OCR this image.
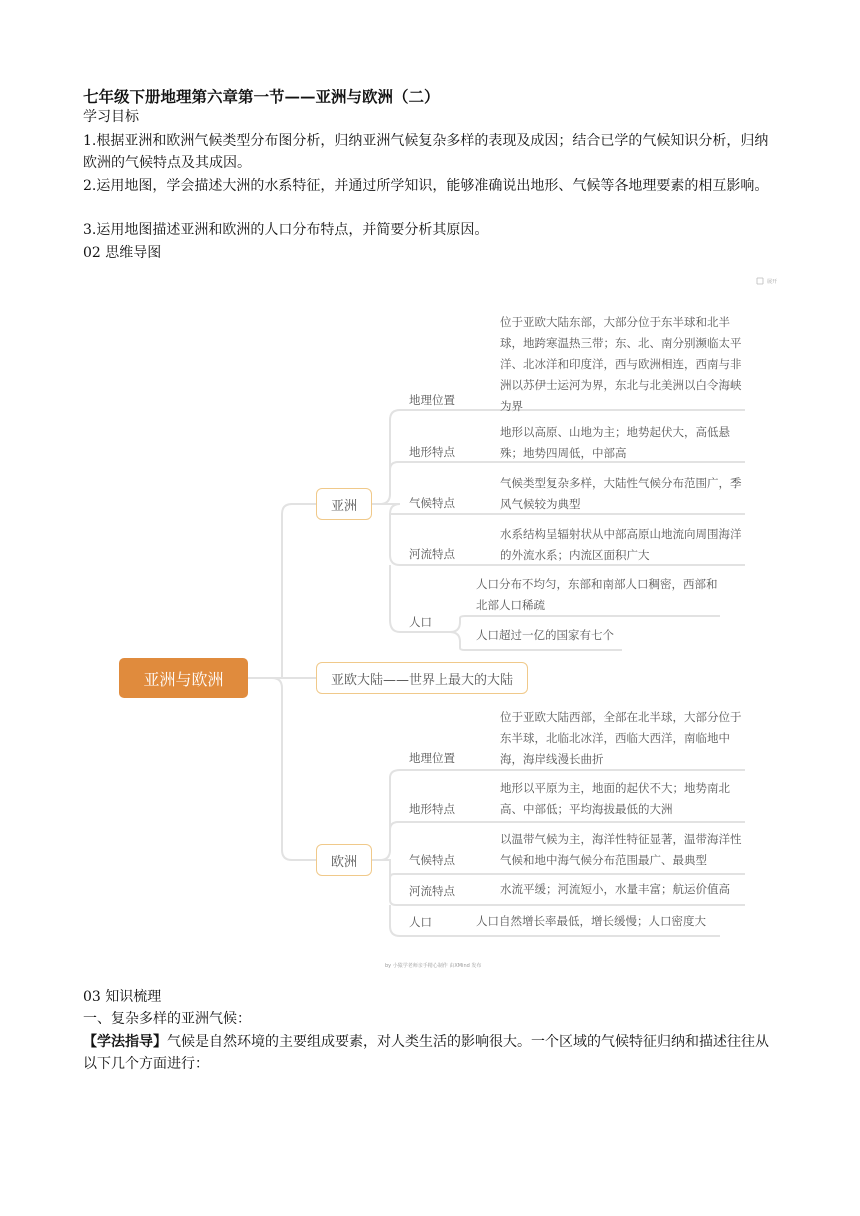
七年级下册地理第六章第一节——亚洲与欧洲（二）
学习目标
1.根据亚洲和欧洲气候类型分布图分析，归纳亚洲气候复杂多样的表现及成因；结合已学的气候知识分析，归纳欧洲的气候特点及其成因。
2.运用地图，学会描述大洲的水系特征，并通过所学知识，能够准确说出地形、气候等各地理要素的相互影响。
3.运用地图描述亚洲和欧洲的人口分布特点，并简要分析其原因。
02 思维导图
展开
亚洲与欧洲
亚洲
亚欧大陆——世界上最大的大陆
欧洲
地理位置
位于亚欧大陆东部，大部分位于东半球和北半球，地跨寒温热三带；东、北、南分别濒临太平洋、北冰洋和印度洋，西与欧洲相连，西南与非洲以苏伊士运河为界，东北与北美洲以白令海峡为界
地形特点
地形以高原、山地为主；地势起伏大，高低悬殊；地势四周低，中部高
气候特点
气候类型复杂多样，大陆性气候分布范围广，季风气候较为典型
河流特点
水系结构呈辐射状从中部高原山地流向周围海洋的外流水系；内流区面积广大
人口
人口分布不均匀，东部和南部人口稠密，西部和北部人口稀疏
人口超过一亿的国家有七个
地理位置
位于亚欧大陆西部，全部在北半球，大部分位于东半球，北临北冰洋，西临大西洋，南临地中海，海岸线漫长曲折
地形特点
地形以平原为主，地面的起伏不大；地势南北高、中部低；平均海拔最低的大洲
气候特点
以温带气候为主，海洋性特征显著，温带海洋性气候和地中海气候分布范围最广、最典型
河流特点	水流平缓；河流短小，水量丰富；航运价值高
人口	人口自然增长率最低，增长缓慢；人口密度大
by 小猿学老师亲手精心制作 由XMind 发布
03 知识梳理
一、复杂多样的亚洲气候：
【学法指导】气候是自然环境的主要组成要素，对人类生活的影响很大。一个区域的气候特征归纳和描述往往从以下几个方面进行：
